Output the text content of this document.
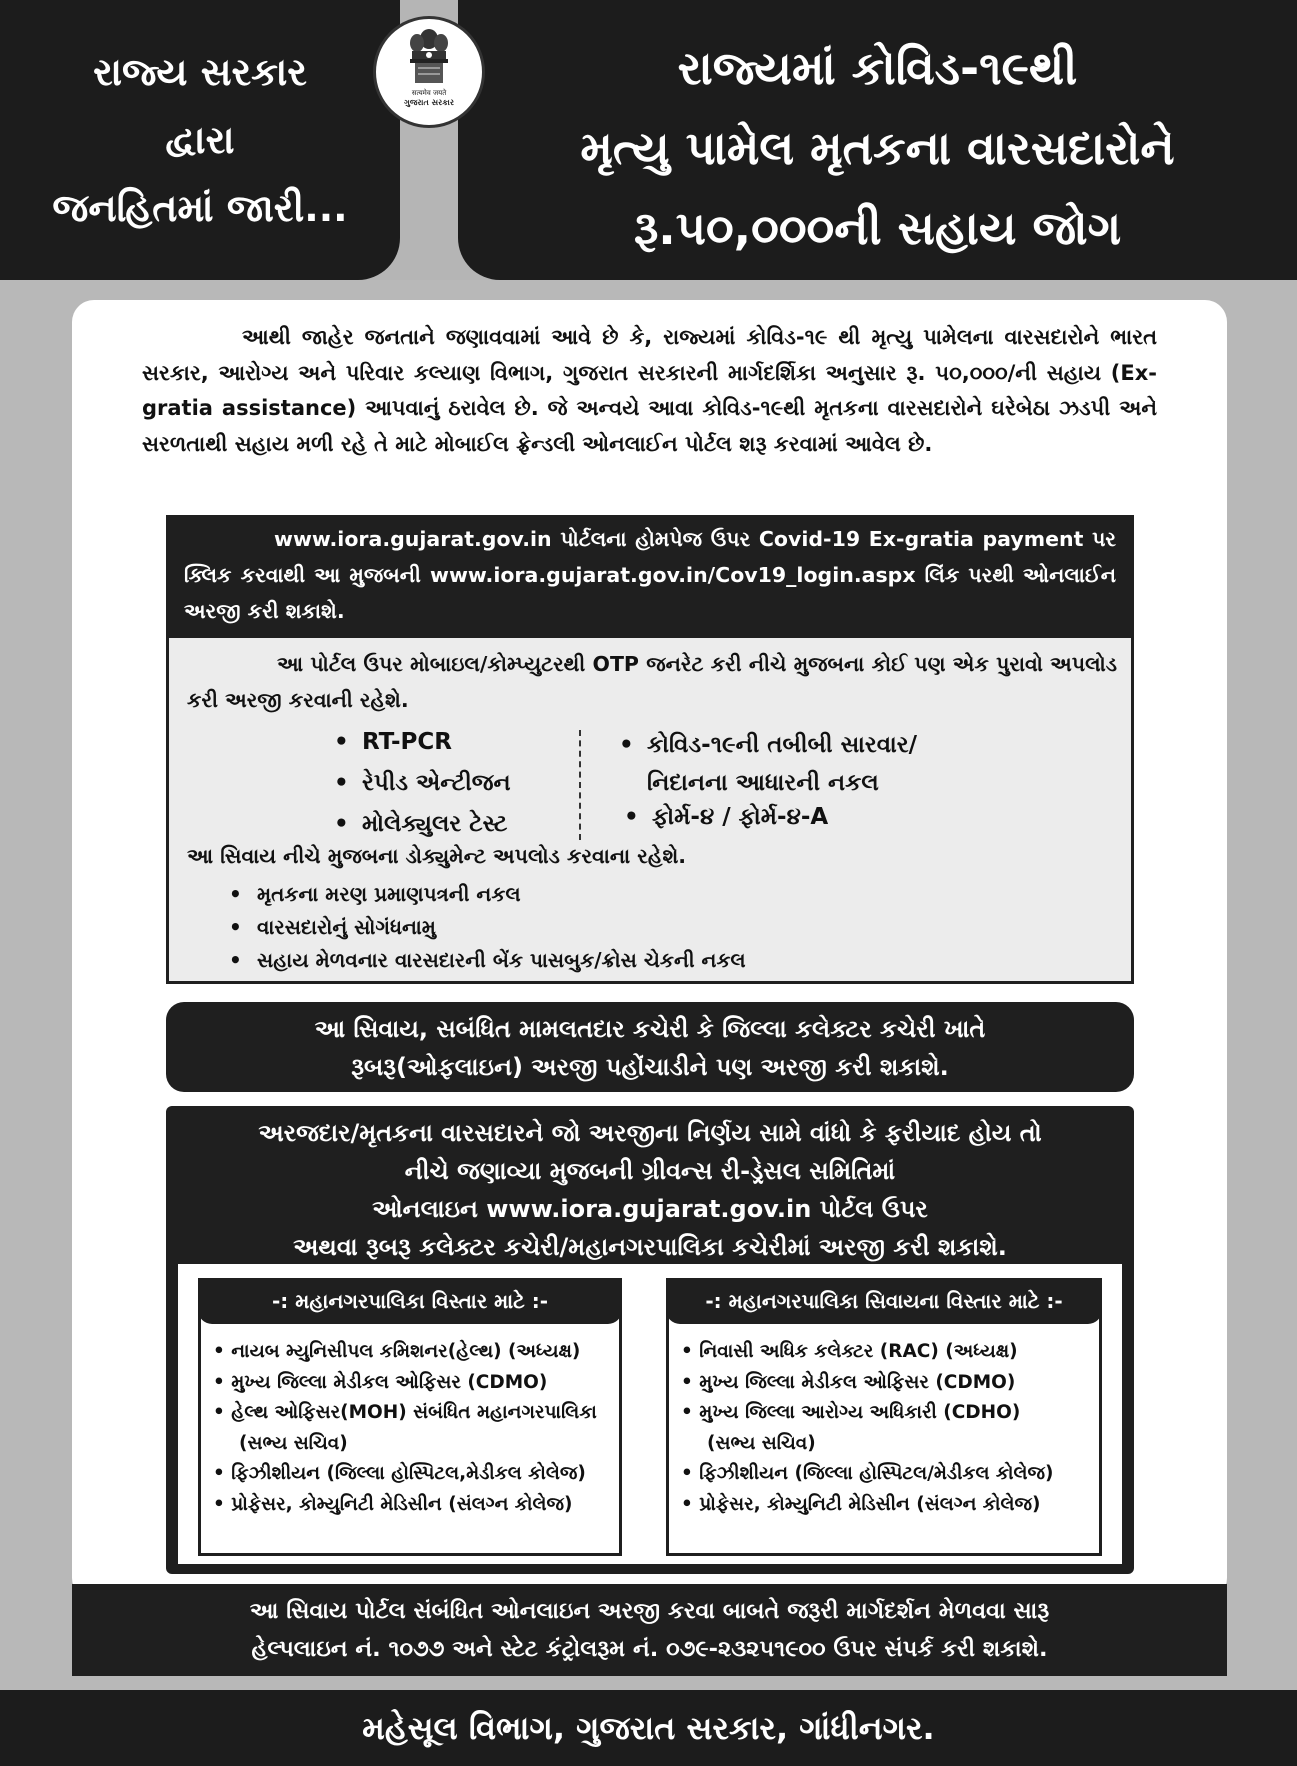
રાજ્ય સરકાર
દ્વારા
જનહિતમાં જારી...
सत्यमेव जयते
ગુજરાત સરકાર
રાજ્યમાં કોવિડ-૧૯થી
મૃત્યુ પામેલ મૃતકના વારસદારોને
રૂ.૫૦,૦૦૦ની સહાય જોગ
આથી જાહેર જનતાને જણાવવામાં આવે છે કે, રાજ્યમાં કોવિડ-૧૯ થી મૃત્યુ પામેલના વારસદારોને ભારત સરકાર, આરોગ્ય અને પરિવાર કલ્યાણ વિભાગ, ગુજરાત સરકારની માર્ગદર્શિકા અનુસાર રૂ. ૫૦,૦૦૦/ની સહાય (Ex-gratia assistance) આપવાનું ઠરાવેલ છે. જે અન્વયે આવા કોવિડ-૧૯થી મૃતકના વારસદારોને ઘરેબેઠા ઝડપી અને સરળતાથી સહાય મળી રહે તે માટે મોબાઈલ ફ્રેન્ડલી ઓનલાઈન પોર્ટલ શરૂ કરવામાં આવેલ છે.
www.iora.gujarat.gov.in પોર્ટલના હોમપેજ ઉપર Covid-19 Ex-gratia payment પર ક્લિક કરવાથી આ મુજબની www.iora.gujarat.gov.in/Cov19_login.aspx લિંક પરથી ઓનલાઈન અરજી કરી શકાશે.
આ પોર્ટલ ઉપર મોબાઇલ/કોમ્પ્યુટરથી OTP જનરેટ કરી નીચે મુજબના કોઈ પણ એક પુરાવો અપલોડ કરી અરજી કરવાની રહેશે.
• RT-PCR
• રેપીડ એન્ટીજન
• મોલેક્યુલર ટેસ્ટ
• કોવિડ-૧૯ની તબીબી સારવાર/
નિદાનના આધારની નકલ
• ફોર્મ-૪ / ફોર્મ-૪-A
આ સિવાય નીચે મુજબના ડોક્યુમેન્ટ અપલોડ કરવાના રહેશે.
• મૃતકના મરણ પ્રમાણપત્રની નકલ
• વારસદારોનું સોગંધનામુ
• સહાય મેળવનાર વારસદારની બેંક પાસબુક/ક્રોસ ચેકની નકલ
આ સિવાય, સબંધિત મામલતદાર કચેરી કે જિલ્લા કલેક્ટર કચેરી ખાતે
રૂબરૂ(ઓફલાઇન) અરજી પહોંચાડીને પણ અરજી કરી શકાશે.
અરજદાર/મૃતકના વારસદારને જો અરજીના નિર્ણય સામે વાંધો કે ફરીયાદ હોય તો
નીચે જણાવ્યા મુજબની ગ્રીવન્સ રી-ડ્રેસલ સમિતિમાં
ઓનલાઇન www.iora.gujarat.gov.in પોર્ટલ ઉપર
અથવા રૂબરૂ કલેક્ટર કચેરી/મહાનગરપાલિકા કચેરીમાં અરજી કરી શકાશે.
-: મહાનગરપાલિકા વિસ્તાર માટે :-
• નાયબ મ્યુનિસીપલ કમિશનર(હેલ્થ) (અધ્યક્ષ)
• મુખ્ય જિલ્લા મેડીકલ ઓફિસર (CDMO)
• હેલ્થ ઓફિસર(MOH) સંબંધિત મહાનગરપાલિકા
(સભ્ય સચિવ)
• ફિઝીશીયન (જિલ્લા હોસ્પિટલ,મેડીકલ કોલેજ)
• પ્રોફેસર, કોમ્યુનિટી મેડિસીન (સંલગ્ન કોલેજ)
-: મહાનગરપાલિકા સિવાયના વિસ્તાર માટે :-
• નિવાસી અધિક કલેક્ટર (RAC) (અધ્યક્ષ)
• મુખ્ય જિલ્લા મેડીકલ ઓફિસર (CDMO)
• મુખ્ય જિલ્લા આરોગ્ય અધિકારી (CDHO)
(સભ્ય સચિવ)
• ફિઝીશીયન (જિલ્લા હોસ્પિટલ/મેડીકલ કોલેજ)
• પ્રોફેસર, કોમ્યુનિટી મેડિસીન (સંલગ્ન કોલેજ)
આ સિવાય પોર્ટલ સંબંધિત ઓનલાઇન અરજી કરવા બાબતે જરૂરી માર્ગદર્શન મેળવવા સારૂ
હેલ્પલાઇન નં. ૧૦૭૭ અને સ્ટેટ કંટ્રોલરૂમ નં. ૦૭૯-૨૩૨૫૧૯૦૦ ઉપર સંપર્ક કરી શકાશે.
મહેસૂલ વિભાગ, ગુજરાત સરકાર, ગાંધીનગર.
